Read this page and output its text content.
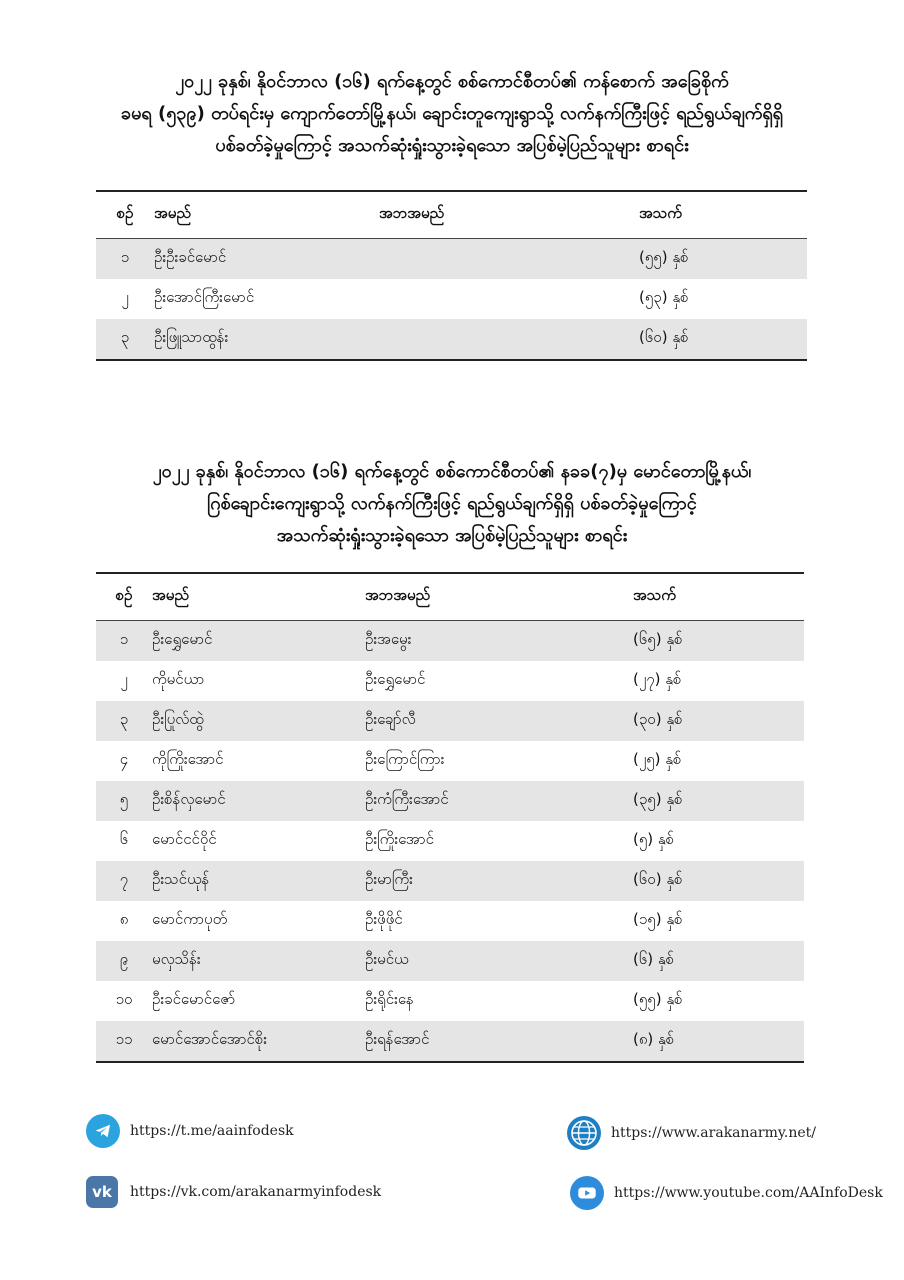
၂၀၂၂ ခုနှစ်၊ နိုဝင်ဘာလ (၁၆) ရက်နေ့တွင် စစ်ကောင်စီတပ်၏ ကန်စောက် အခြေစိုက်
ခမရ (၅၃၉) တပ်ရင်းမှ ကျောက်တော်မြို့နယ်၊ ချောင်းတူကျေးရွာသို့ လက်နက်ကြီးဖြင့် ရည်ရွယ်ချက်ရှိရှိ
ပစ်ခတ်ခဲ့မှုကြောင့် အသက်ဆုံးရှုံးသွားခဲ့ရသော အပြစ်မဲ့ပြည်သူများ စာရင်း
စဉ်	အမည်	အဘအမည်	အသက်
၁	ဦးဦးခင်မောင်		(၅၅) နှစ်
၂	ဦးအောင်ကြီးမောင်		(၅၃) နှစ်
၃	ဦးဖြူသာထွန်း		(၆၀) နှစ်
၂၀၂၂ ခုနှစ်၊ နိုဝင်ဘာလ (၁၆) ရက်နေ့တွင် စစ်ကောင်စီတပ်၏ နခခ(၇)မှ မောင်တောမြို့နယ်၊
ဂြစ်ချောင်းကျေးရွာသို့ လက်နက်ကြီးဖြင့် ရည်ရွယ်ချက်ရှိရှိ ပစ်ခတ်ခဲ့မှုကြောင့်
အသက်ဆုံးရှုံးသွားခဲ့ရသော အပြစ်မဲ့ပြည်သူများ စာရင်း
စဉ်	အမည်	အဘအမည်	အသက်
၁	ဦးရွှေမောင်	ဦးအမွေး	(၆၅) နှစ်
၂	ကိုမင်ယာ	ဦးရွှေမောင်	(၂၇) နှစ်
၃	ဦးပြုလ်ထွဲ	ဦးချော်လီ	(၃၀) နှစ်
၄	ကိုကြိုးအောင်	ဦးကြောင်ကြား	(၂၅) နှစ်
၅	ဦးစိန်လှမောင်	ဦးကံကြီးအောင်	(၃၅) နှစ်
၆	မောင်ငင်ဝိုင်	ဦးကြိုးအောင်	(၅) နှစ်
၇	ဦးသင်ယုန်	ဦးမာကြီး	(၆၀) နှစ်
၈	မောင်ကာပုတ်	ဦးဖိုဖိုင်	(၁၅) နှစ်
၉	မလှသိန်း	ဦးမင်ယ	(၆) နှစ်
၁၀	ဦးခင်မောင်ဇော်	ဦးရိုင်းနေ	(၅၅) နှစ်
၁၁	မောင်အောင်အောင်စိုး	ဦးရန်အောင်	(၈) နှစ်
https://t.me/aainfodesk	https://www.arakanarmy.net/
vk	https://vk.com/arakanarmyinfodesk	https://www.youtube.com/AAInfoDesk
